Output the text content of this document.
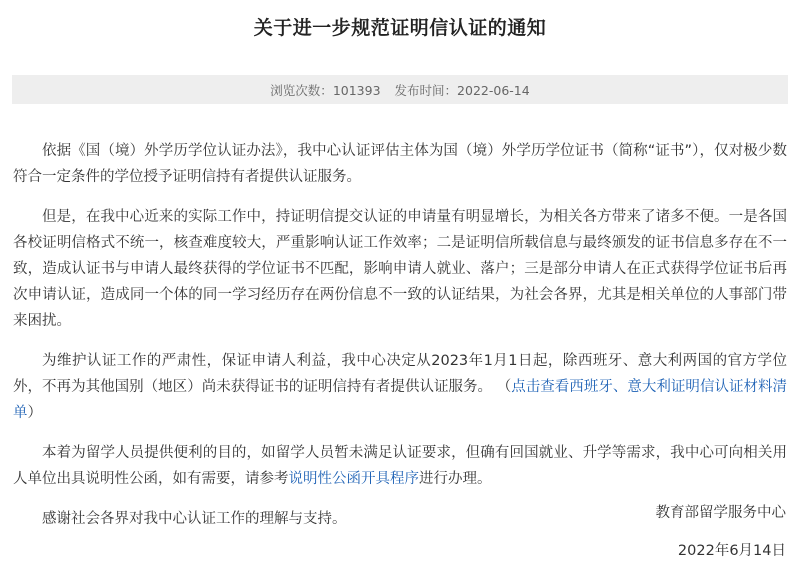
关于进一步规范证明信认证的通知
浏览次数：101393 发布时间：2022-06-14

依据《国（境）外学历学位认证办法》，我中心认证评估主体为国（境）外学历学位证书（简称“证书”），仅对极少数符合一定条件的学位授予证明信持有者提供认证服务。

但是，在我中心近来的实际工作中，持证明信提交认证的申请量有明显增长，为相关各方带来了诸多不便。一是各国各校证明信格式不统一，核查难度较大，严重影响认证工作效率；二是证明信所载信息与最终颁发的证书信息多存在不一致，造成认证书与申请人最终获得的学位证书不匹配，影响申请人就业、落户；三是部分申请人在正式获得学位证书后再次申请认证，造成同一个体的同一学习经历存在两份信息不一致的认证结果，为社会各界，尤其是相关单位的人事部门带来困扰。

为维护认证工作的严肃性，保证申请人利益，我中心决定从2023年1月1日起，除西班牙、意大利两国的官方学位外，不再为其他国别（地区）尚未获得证书的证明信持有者提供认证服务。 （点击查看西班牙、意大利证明信认证材料清单）

本着为留学人员提供便利的目的，如留学人员暂未满足认证要求，但确有回国就业、升学等需求，我中心可向相关用人单位出具说明性公函，如有需要，请参考说明性公函开具程序进行办理。

感谢社会各界对我中心认证工作的理解与支持。	教育部留学服务中心
2022年6月14日
